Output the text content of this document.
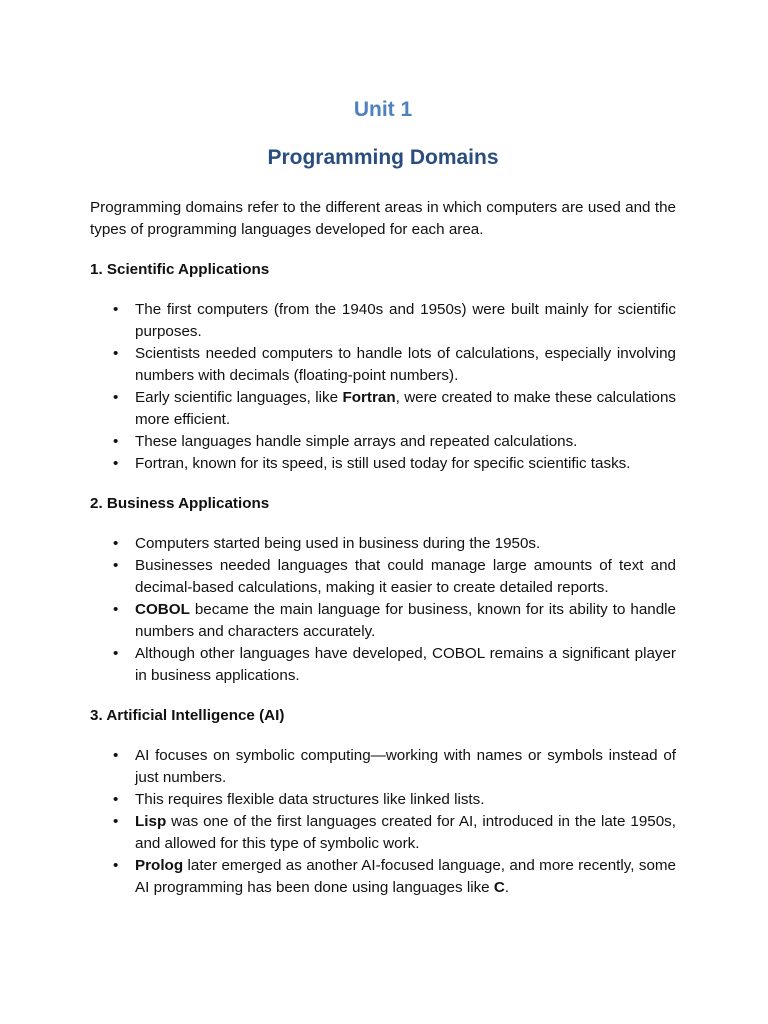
Unit 1
Programming Domains

Programming domains refer to the different areas in which computers are used and the types of programming languages developed for each area.

1. Scientific Applications

• The first computers (from the 1940s and 1950s) were built mainly for scientific purposes.
• Scientists needed computers to handle lots of calculations, especially involving numbers with decimals (floating-point numbers).
• Early scientific languages, like Fortran, were created to make these calculations more efficient.
• These languages handle simple arrays and repeated calculations.
• Fortran, known for its speed, is still used today for specific scientific tasks.

2. Business Applications

• Computers started being used in business during the 1950s.
• Businesses needed languages that could manage large amounts of text and decimal-based calculations, making it easier to create detailed reports.
• COBOL became the main language for business, known for its ability to handle numbers and characters accurately.
• Although other languages have developed, COBOL remains a significant player in business applications.

3. Artificial Intelligence (AI)

• AI focuses on symbolic computing—working with names or symbols instead of just numbers.
• This requires flexible data structures like linked lists.
• Lisp was one of the first languages created for AI, introduced in the late 1950s, and allowed for this type of symbolic work.
• Prolog later emerged as another AI-focused language, and more recently, some AI programming has been done using languages like C.
